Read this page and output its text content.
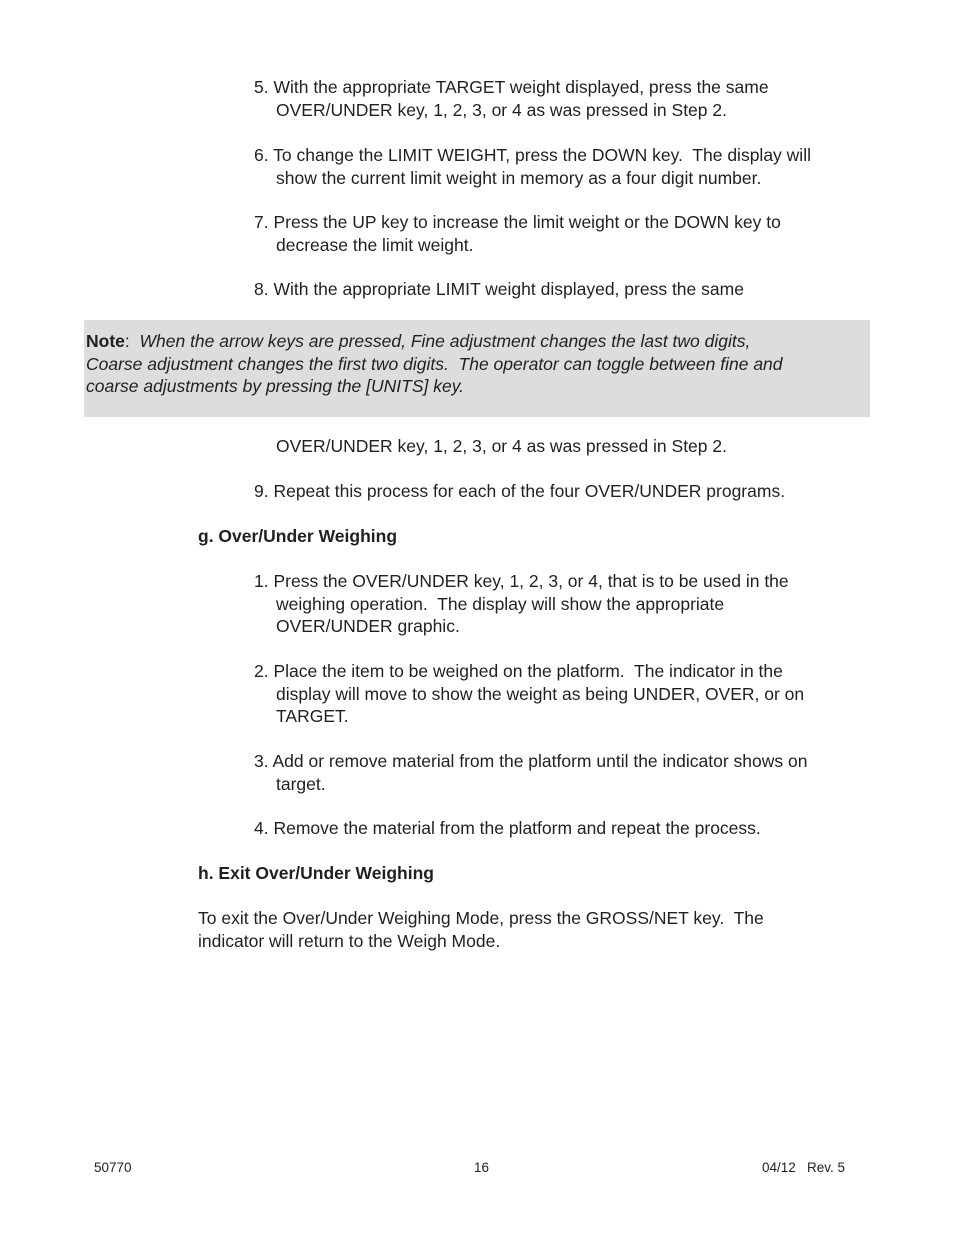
5. With the appropriate TARGET weight displayed, press the same
OVER/UNDER key, 1, 2, 3, or 4 as was pressed in Step 2.
6. To change the LIMIT WEIGHT, press the DOWN key.  The display will
show the current limit weight in memory as a four digit number.
7. Press the UP key to increase the limit weight or the DOWN key to
decrease the limit weight.
8. With the appropriate LIMIT weight displayed, press the same
Note:  When the arrow keys are pressed, Fine adjustment changes the last two digits,
Coarse adjustment changes the first two digits.  The operator can toggle between fine and
coarse adjustments by pressing the [UNITS] key.
OVER/UNDER key, 1, 2, 3, or 4 as was pressed in Step 2.
9. Repeat this process for each of the four OVER/UNDER programs.
g. Over/Under Weighing
1. Press the OVER/UNDER key, 1, 2, 3, or 4, that is to be used in the
weighing operation.  The display will show the appropriate
OVER/UNDER graphic.
2. Place the item to be weighed on the platform.  The indicator in the
display will move to show the weight as being UNDER, OVER, or on
TARGET.
3. Add or remove material from the platform until the indicator shows on
target.
4. Remove the material from the platform and repeat the process.
h. Exit Over/Under Weighing
To exit the Over/Under Weighing Mode, press the GROSS/NET key.  The
indicator will return to the Weigh Mode.
50770	16	04/12   Rev. 5
